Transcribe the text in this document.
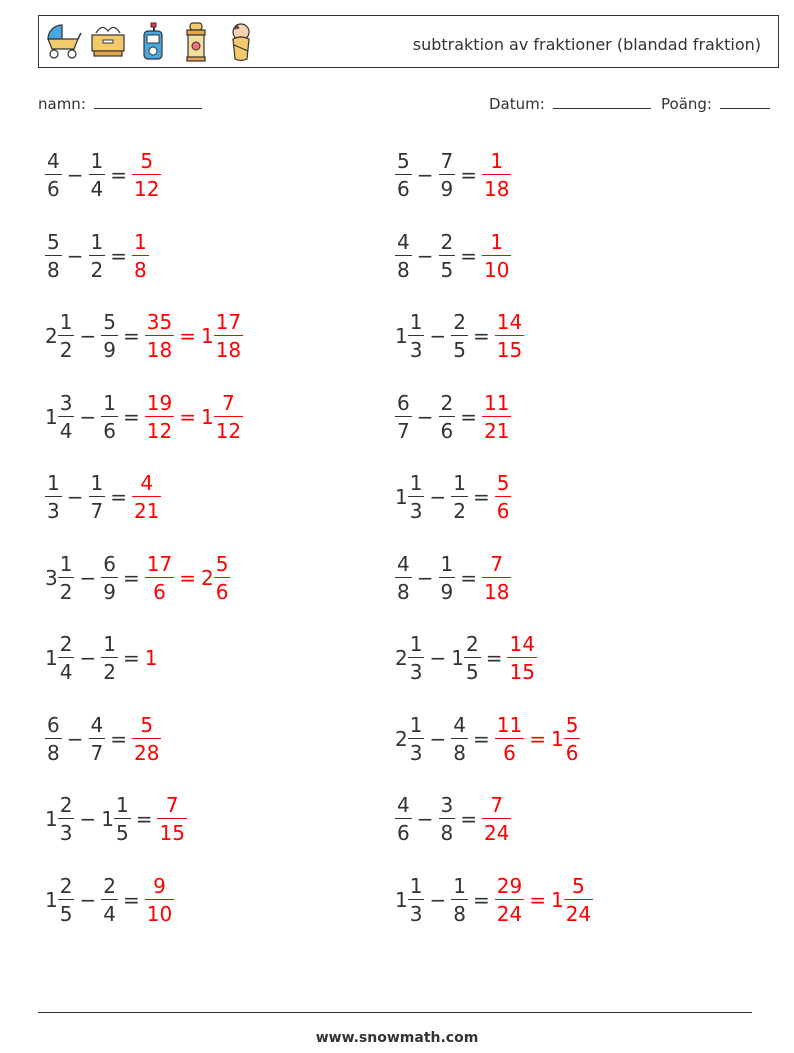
subtraktion av fraktioner (blandad fraktion)
namn:	Datum:	Poäng:
$\frac{4}{6} - \frac{1}{4} = \frac{5}{12}$	$\frac{5}{6} - \frac{7}{9} = \frac{1}{18}$
$\frac{5}{8} - \frac{1}{2} = \frac{1}{8}$	$\frac{4}{8} - \frac{2}{5} = \frac{1}{10}$
$2 \frac{1}{2} - \frac{5}{9} = \frac{35}{18} = 1 \frac{17}{18}$	$1 \frac{1}{3} - \frac{2}{5} = \frac{14}{15}$
$1 \frac{3}{4} - \frac{1}{6} = \frac{19}{12} = 1 \frac{7}{12}$	$\frac{6}{7} - \frac{2}{6} = \frac{11}{21}$
$\frac{1}{3} - \frac{1}{7} = \frac{4}{21}$	$1 \frac{1}{3} - \frac{1}{2} = \frac{5}{6}$
$3 \frac{1}{2} - \frac{6}{9} = \frac{17}{6} = 2 \frac{5}{6}$	$\frac{4}{8} - \frac{1}{9} = \frac{7}{18}$
$1 \frac{2}{4} - \frac{1}{2} = 1$	$2 \frac{1}{3} - 1 \frac{2}{5} = \frac{14}{15}$
$\frac{6}{8} - \frac{4}{7} = \frac{5}{28}$	$2 \frac{1}{3} - \frac{4}{8} = \frac{11}{6} = 1 \frac{5}{6}$
$1 \frac{2}{3} - 1 \frac{1}{5} = \frac{7}{15}$	$\frac{4}{6} - \frac{3}{8} = \frac{7}{24}$
$1 \frac{2}{5} - \frac{2}{4} = \frac{9}{10}$	$1 \frac{1}{3} - \frac{1}{8} = \frac{29}{24} = 1 \frac{5}{24}$
www.snowmath.com
